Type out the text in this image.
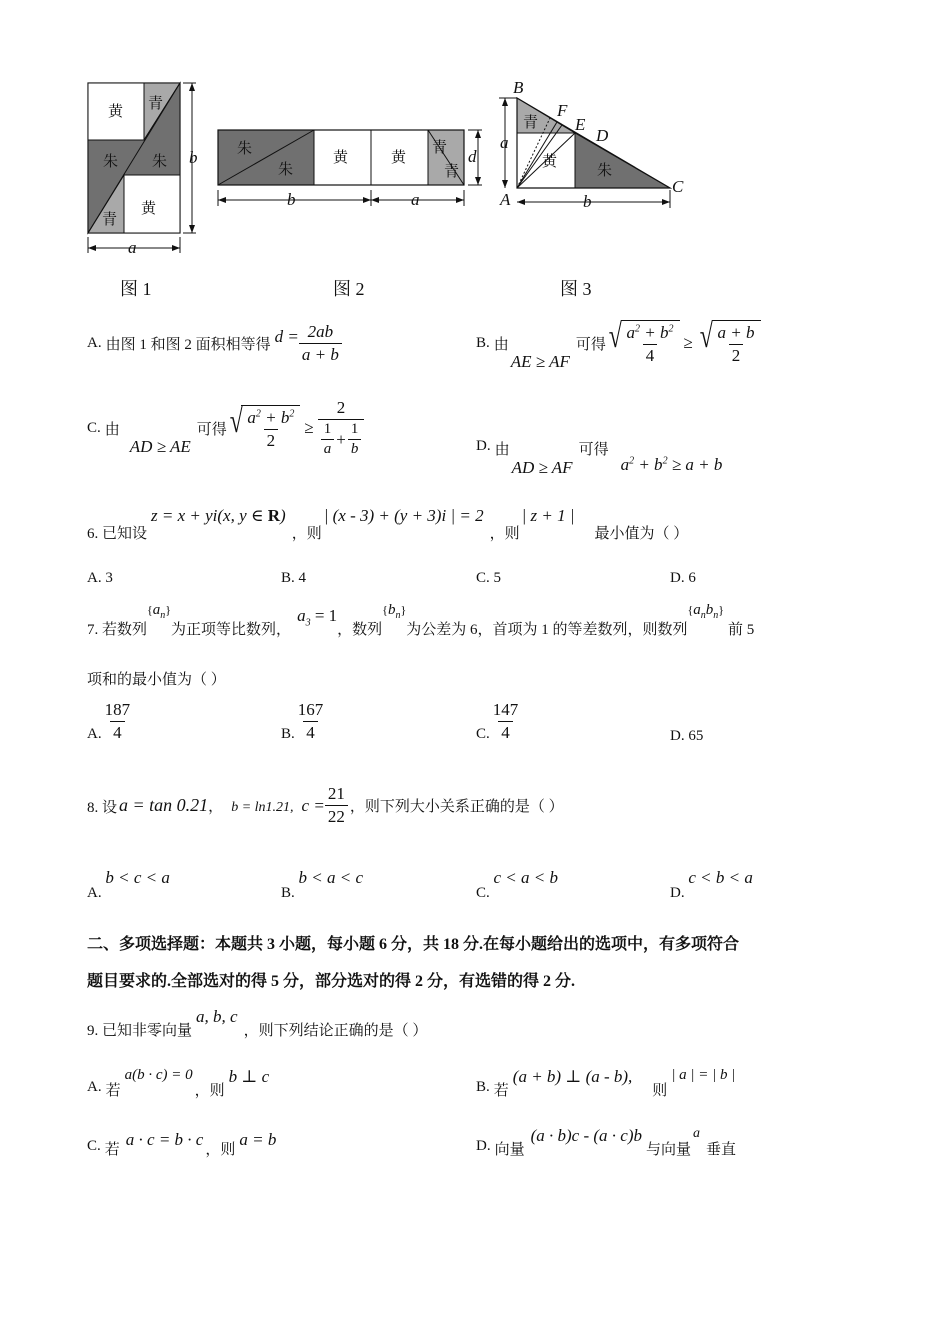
黄 青
朱 朱
青
黄
b
a
图 1
朱
朱
黄	黄
青
青
d
b	a
图 2
B
F
E
D
A
C
青
黄
朱
a
b
图 3
A. 由图 1 和图 2 面积相等得 $d = \frac{2ab}{a + b}$	B. 由
AE ≥ AF
可得 √ $\frac{a^2 + b^2}{4}$ ≥ √ $\frac{a + b}{2}$
C. 由
AD ≥ AE
可得 √ $\frac{a^2 + b^2}{2} \ge \frac{2}{\frac{1}{a} + \frac{1}{b}}$	D. 由
AD ≥ AF
可得
$a^2 + b^2 \ge a + b$
6. 已知设
z = x + yi(x, y ∈ R)
，则
| (x - 3) + (y + 3)i | = 2
，则
| z + 1 |
最小值为（ ）
A. 3	B. 4	C. 5	D. 6
7. 若数列
$\{a_n\}$
为正项等比数列，
$a_3 = 1$
，数列
$\{b_n\}$
为公差为 6，首项为 1 的等差数列，则数列
$\{a_nb_n\}$
前 5
项和的最小值为（ ）
A. $\frac{187}{4}$	B. $\frac{167}{4}$	C. $\frac{147}{4}$	D. 65
8. 设 a = tan 0.21 ， b = ln1.21, $c = \frac{21}{22}$ ，则下列大小关系正确的是（ ）
A. b < c < a
B. b < a < c
C. c < a < b
D. c < b < a
二、多项选择题：本题共 3 小题，每小题 6 分，共 18 分.在每小题给出的选项中，有多项符合
题目要求的.全部选对的得 5 分，部分选对的得 2 分，有选错的得 2 分.
9. 已知非零向量
a, b, c
，则下列结论正确的是（ ）
A. 若
a(b · c) = 0
，则
b ⊥ c
B. 若
(a + b) ⊥ (a - b),
则
| a | = | b |
C. 若
a · c = b · c
，则
a = b	D. 向量
(a · b)c - (a · c)b
与向量
a
垂直
